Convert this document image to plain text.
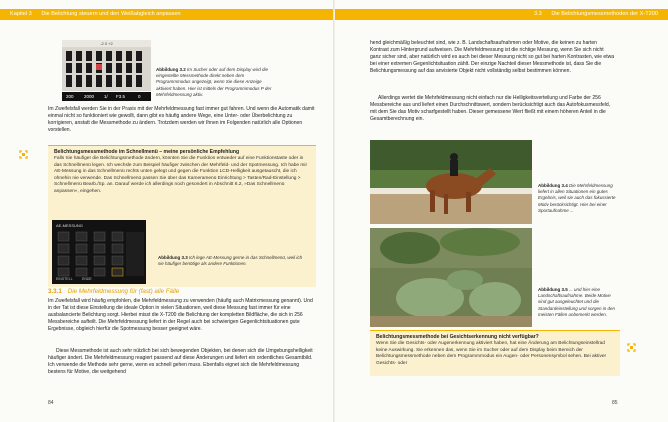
Kapitel 3 Die Belichtung steuern und den Weißabgleich anpassen	3.3 Die Belichtungsmessmethoden der X-T200
-2 0 +2
200 2000 1/ F3.5	0
Abbildung 3.2 Im Sucher oder auf dem Display wird die eingestellte Messmethode direkt neben dem Programmmodus angezeigt, wenn Sie diese Anzeige aktiviert haben. Hier ist mittels der Programmmodus P der Mehrfeldmessung aktiv.
Im Zweifelsfall werden Sie in der Praxis mit der Mehrfeldmessung fast immer gut fahren. Und wenn die Automatik damit einmal nicht so funktioniert wie gewollt, dann gibt es häufig andere Wege, eine Unter- oder Überbelichtung zu korrigieren, anstatt die Messmethode zu ändern. Trotzdem werden wir Ihnen im Folgenden natürlich alle Optionen vorstellen.
Belichtungsmessmethode im Schnellmenü – meine persönliche Empfehlung
Falls Sie häufiger die Belichtungsmethode ändern, könnten Sie die Funktion entweder auf eine Funktionstaste oder in das Schnellmenü legen. Ich wechsle zum Beispiel häufiger zwischen der Mehrfeld- und der Spotmessung. Ich habe mir AE-Messung in das Schnellmenü rechts unten gelegt und gegen die Funktion LCD-Helligkeit ausgetauscht, die ich ohnehin nie verwende. Das Schnellmenü passen Sie über das Kameramenü Einrichtung > Tasten/Rad-Einstellung > Schnellmenü Bearb./Sp. an. Darauf werde ich allerdings noch gesondert in Abschnitt 6.2, »Das Schnellmenü anpassen«, eingehen.
AE-MESSUNG
EINSTELL	ENDE
Abbildung 3.3 Ich lege AE-Messung gerne in das Schnellmenü, weil ich sie häufiger benötige als andere Funktionen.
3.3.1 Die Mehrfeldmessung für (fast) alle Fälle
Im Zweifelsfall wird häufig empfohlen, die Mehrfeldmessung zu verwenden (häufig auch Matrixmessung genannt). Und in der Tat ist diese Einstellung die ideale Option in vielen Situationen, weil diese Messung fast immer für eine ausbalancierte Belichtung sorgt. Hierbei misst die X-T200 die Belichtung der kompletten Bildfläche, die sich in 256 Messbereiche aufteilt. Die Mehrfeldmessung liefert in der Regel auch bei schwierigen Gegenlichtsituationen gute Ergebnisse, obgleich hierfür die Spotmessung besser geeignet wäre.
Diese Messmethode ist auch sehr nützlich bei sich bewegenden Objekten, bei denen sich die Umgebungshelligkeit häufiger ändert. Die Mehrfeldmessung reagiert passend auf diese Änderungen und liefert ein ordentliches Gesamtbild. Ich verwende die Methode sehr gerne, wenn es schnell gehen muss. Ebenfalls eignet sich die Mehrfeldmessung bestens für Motive, die weitgehend
84
hend gleichmäßig beleuchtet sind, wie z. B. Landschaftsaufnahmen oder Motive, die keinen zu harten Kontrast zum Hintergrund aufweisen. Die Mehrfeldmessung ist die richtige Messung, wenn Sie sich nicht ganz sicher sind, aber natürlich wird es auch bei dieser Messung nicht so gut bei harten Kontrasten, wie etwa bei einer extremen Gegenlichtsituation zählt. Der einzige Nachteil dieser Messmethode ist, dass Sie die Belichtungsmessung auf das anvisierte Objekt nicht vollständig selbst bestimmen können.
Allerdings wertet die Mehrfeldmessung nicht einfach nur die Helligkeitsverteilung und Farbe der 256 Messbereiche aus und liefert einen Durchschnittswert, sondern berücksichtigt auch das Autofokusmessfeld, mit dem Sie das Motiv scharfgestellt haben. Dieser gemessene Wert fließt mit einem höheren Anteil in die Gesamtberechnung ein.
Abbildung 3.4 Die Mehrfeldmessung liefert in allen Situationen ein gutes Ergebnis, weil sie auch das fokussierte Motiv berücksichtigt. Hier bei einer Sportaufnahme ...
Abbildung 3.5 ... und hier eine Landschaftsaufnahme. Beide Motive sind gut ausgeleuchtet und die Standardeinstellung und sorgen in den meisten Fällen unbemerkt werden.
Belichtungsmessmethode bei Gesichtserkennung nicht verfügbar?
Wenn Sie die Gesichts- oder Augenerkennung aktiviert haben, hat eine Änderung am Belichtungseinstellrad keine Auswirkung. Sie erkennen das, wenn Sie im Sucher oder auf dem Display beim Bereich der Belichtungsmessmethode neben dem Programmmodus ein Augen- oder Personensymbol sehen. Bei aktiver Gesichts- oder
85
